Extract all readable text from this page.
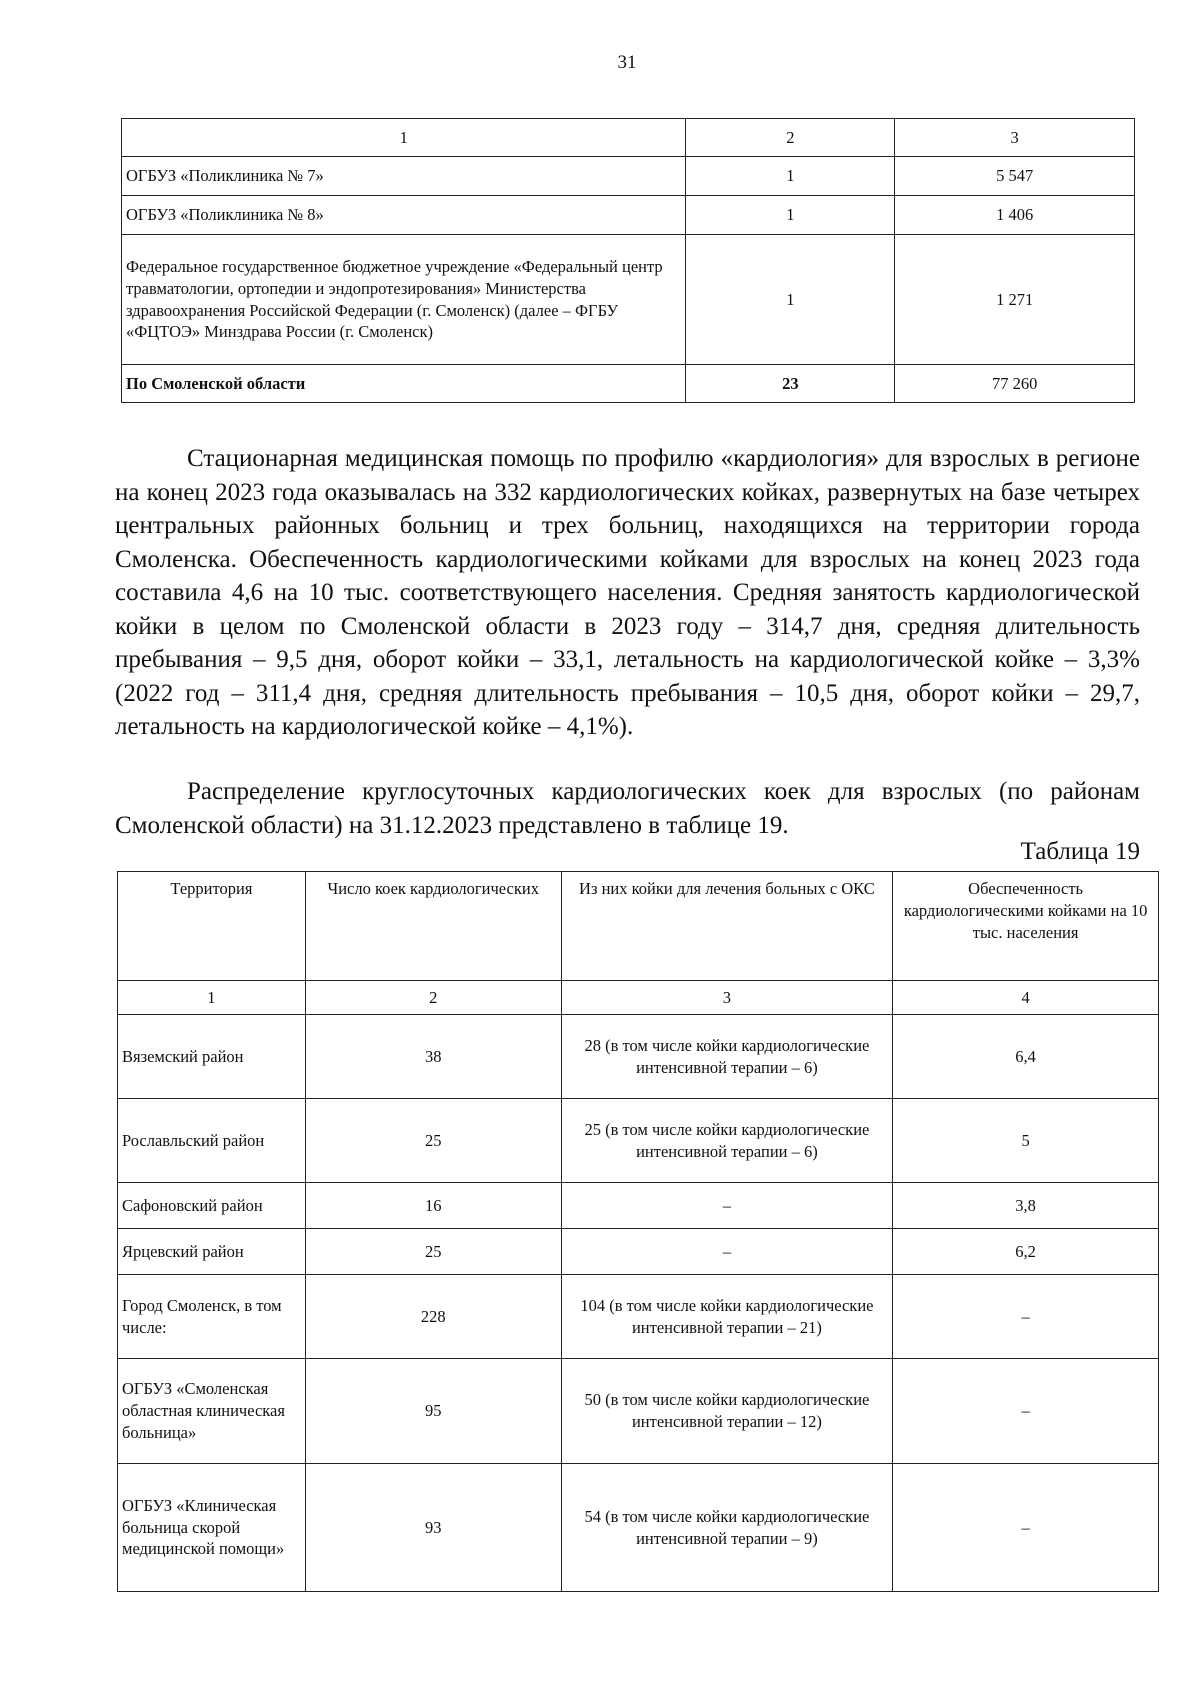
31
1	2	3
ОГБУЗ «Поликлиника № 7»	1	5 547
ОГБУЗ «Поликлиника № 8»	1	1 406
Федеральное государственное бюджетное учреждение «Федеральный центр травматологии, ортопедии и эндопротезирования» Министерства здравоохранения Российской Федерации (г. Смоленск) (далее – ФГБУ «ФЦТОЭ» Минздрава России (г. Смоленск)	1	1 271
По Смоленской области	23	77 260

Стационарная медицинская помощь по профилю «кардиология» для взрослых в регионе на конец 2023 года оказывалась на 332 кардиологических койках, развернутых на базе четырех центральных районных больниц и трех больниц, находящихся на территории города Смоленска. Обеспеченность кардиологическими койками для взрослых на конец 2023 года составила 4,6 на 10 тыс. соответствующего населения. Средняя занятость кардиологической койки в целом по Смоленской области в 2023 году – 314,7 дня, средняя длительность пребывания – 9,5 дня, оборот койки – 33,1, летальность на кардиологической койке – 3,3% (2022 год – 311,4 дня, средняя длительность пребывания – 10,5 дня, оборот койки – 29,7, летальность на кардиологической койке – 4,1%).

Распределение круглосуточных кардиологических коек для взрослых (по районам Смоленской области) на 31.12.2023 представлено в таблице 19.

Таблица 19

Территория	Число коек кардиологических	Из них койки для лечения больных с ОКС	Обеспеченность кардиологическими койками на 10 тыс. населения
1	2	3	4
Вяземский район	38	28 (в том числе койки кардиологические интенсивной терапии – 6)	6,4
Рославльский район	25	25 (в том числе койки кардиологические интенсивной терапии – 6)	5
Сафоновский район	16	–	3,8
Ярцевский район	25	–	6,2
Город Смоленск, в том числе:	228	104 (в том числе койки кардиологические интенсивной терапии – 21)	–
ОГБУЗ «Смоленская областная клиническая больница»	95	50 (в том числе койки кардиологические интенсивной терапии – 12)	–
ОГБУЗ «Клиническая больница скорой медицинской помощи»	93	54 (в том числе койки кардиологические интенсивной терапии – 9)	–
